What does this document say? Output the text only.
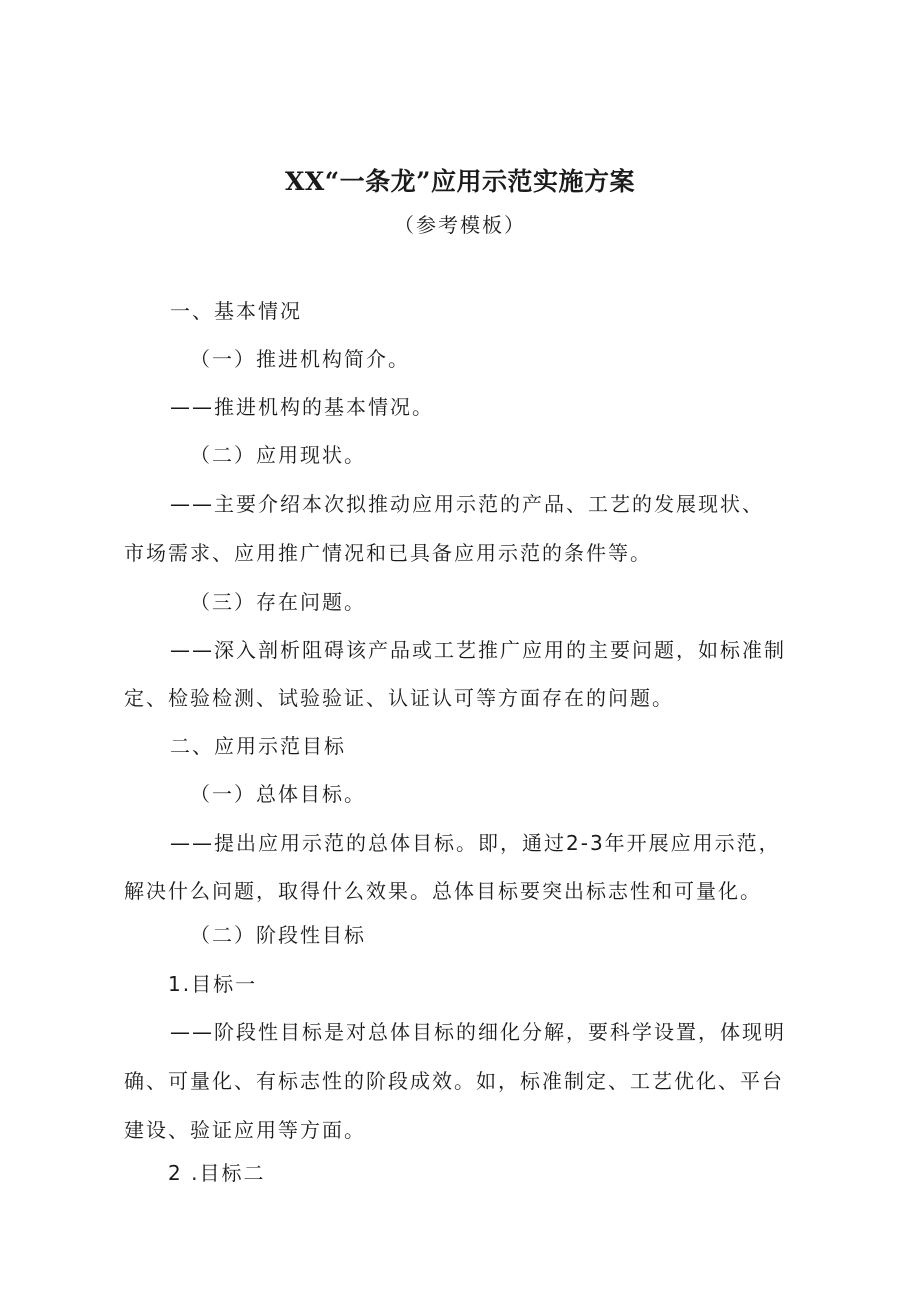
XX“一条龙”应用示范实施方案
（参考模板）
一、基本情况
（一）推进机构简介。
——推进机构的基本情况。
（二）应用现状。
——主要介绍本次拟推动应用示范的产品、工艺的发展现状、
市场需求、应用推广情况和已具备应用示范的条件等。
（三）存在问题。
——深入剖析阻碍该产品或工艺推广应用的主要问题，如标准制
定、检验检测、试验验证、认证认可等方面存在的问题。
二、应用示范目标
（一）总体目标。
——提出应用示范的总体目标。即，通过2-3年开展应用示范，
解决什么问题，取得什么效果。总体目标要突出标志性和可量化。
（二）阶段性目标
1.目标一
——阶段性目标是对总体目标的细化分解，要科学设置，体现明
确、可量化、有标志性的阶段成效。如，标准制定、工艺优化、平台
建设、验证应用等方面。
2 .目标二
